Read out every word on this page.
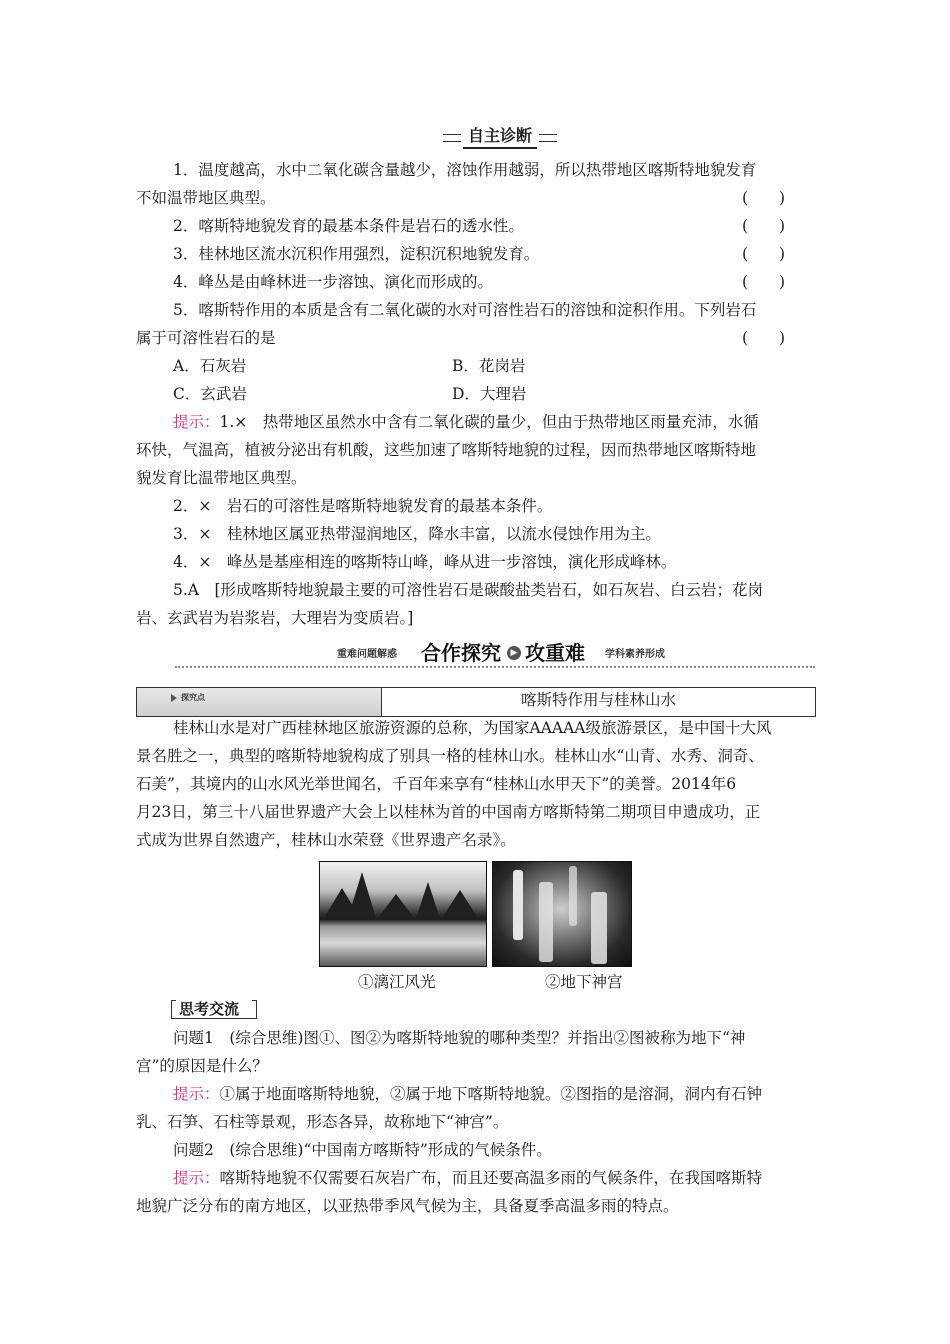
自主诊断
1．温度越高，水中二氧化碳含量越少，溶蚀作用越弱，所以热带地区喀斯特地貌发育
不如温带地区典型。	(　　)
2．喀斯特地貌发育的最基本条件是岩石的透水性。	(　　)
3．桂林地区流水沉积作用强烈，淀积沉积地貌发育。	(　　)
4．峰丛是由峰林进一步溶蚀、演化而形成的。	(　　)
5．喀斯特作用的本质是含有二氧化碳的水对可溶性岩石的溶蚀和淀积作用。下列岩石
属于可溶性岩石的是	(　　)
A．石灰岩	B．花岗岩
C．玄武岩	D．大理岩
提示：1.×　热带地区虽然水中含有二氧化碳的量少，但由于热带地区雨量充沛，水循
环快，气温高，植被分泌出有机酸，这些加速了喀斯特地貌的过程，因而热带地区喀斯特地
貌发育比温带地区典型。
2．×　岩石的可溶性是喀斯特地貌发育的最基本条件。
3．×　桂林地区属亚热带湿润地区，降水丰富，以流水侵蚀作用为主。
4．×　峰丛是基座相连的喀斯特山峰，峰从进一步溶蚀，演化形成峰林。
5.A　[形成喀斯特地貌最主要的可溶性岩石是碳酸盐类岩石，如石灰岩、白云岩；花岗
岩、玄武岩为岩浆岩，大理岩为变质岩。]
重难问题解惑 合作探究	▶ 攻重难 学科素养形成
探究点	喀斯特作用与桂林山水
桂林山水是对广西桂林地区旅游资源的总称，为国家AAAAA级旅游景区，是中国十大风
景名胜之一，典型的喀斯特地貌构成了别具一格的桂林山水。桂林山水“山青、水秀、洞奇、
石美”，其境内的山水风光举世闻名，千百年来享有“桂林山水甲天下”的美誉。2014年6
月23日，第三十八届世界遗产大会上以桂林为首的中国南方喀斯特第二期项目申遗成功，正
式成为世界自然遗产，桂林山水荣登《世界遗产名录》。
①漓江风光	②地下神宫
思考交流
问题1　(综合思维)图①、图②为喀斯特地貌的哪种类型？并指出②图被称为地下“神
宫”的原因是什么？
提示：①属于地面喀斯特地貌，②属于地下喀斯特地貌。②图指的是溶洞，洞内有石钟
乳、石笋、石柱等景观，形态各异，故称地下“神宫”。
问题2　(综合思维)“中国南方喀斯特”形成的气候条件。
提示：喀斯特地貌不仅需要石灰岩广布，而且还要高温多雨的气候条件，在我国喀斯特
地貌广泛分布的南方地区，以亚热带季风气候为主，具备夏季高温多雨的特点。
